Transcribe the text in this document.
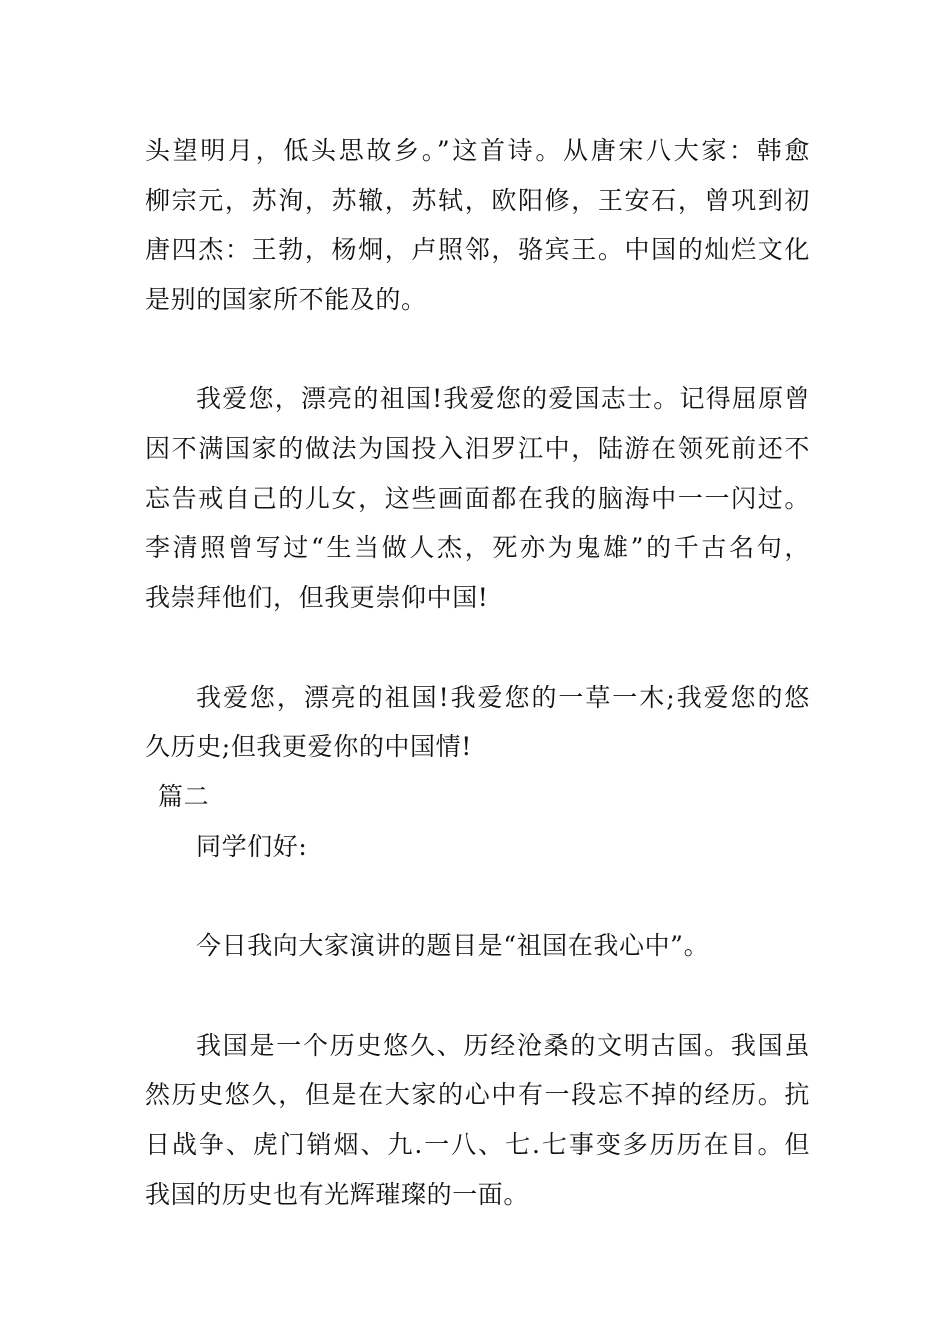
头望明月，低头思故乡。”这首诗。从唐宋八大家：韩愈
柳宗元，苏洵，苏辙，苏轼，欧阳修，王安石，曾巩到初
唐四杰：王勃，杨炯，卢照邻，骆宾王。中国的灿烂文化
是别的国家所不能及的。
我爱您，漂亮的祖国!我爱您的爱国志士。记得屈原曾
因不满国家的做法为国投入汨罗江中，陆游在领死前还不
忘告戒自己的儿女，这些画面都在我的脑海中一一闪过。
李清照曾写过“生当做人杰，死亦为鬼雄”的千古名句，
我崇拜他们，但我更崇仰中国!
我爱您，漂亮的祖国!我爱您的一草一木;我爱您的悠
久历史;但我更爱你的中国情!
篇二
同学们好:
今日我向大家演讲的题目是“祖国在我心中”。
我国是一个历史悠久、历经沧桑的文明古国。我国虽
然历史悠久，但是在大家的心中有一段忘不掉的经历。抗
日战争、虎门销烟、九.一八、七.七事变多历历在目。但
我国的历史也有光辉璀璨的一面。
